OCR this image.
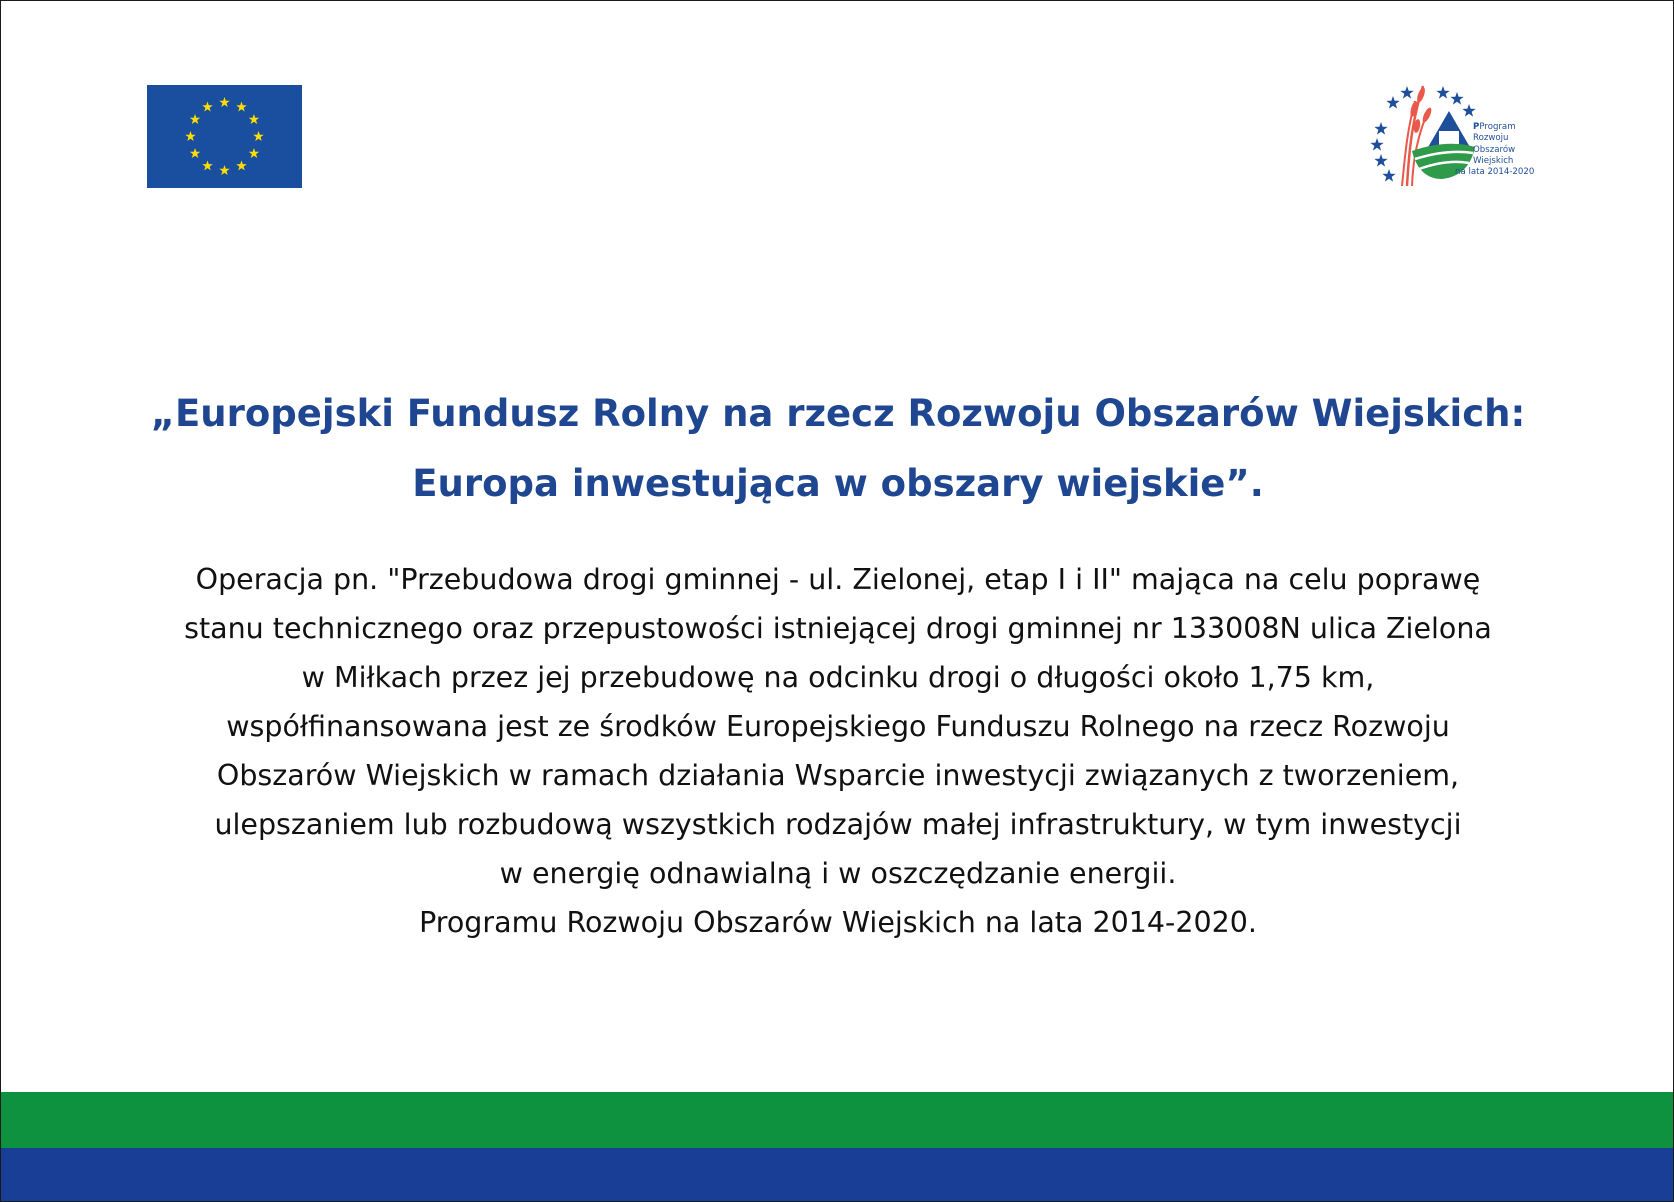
PProgram
Rozwoju
Obszarów
Wiejskich
na lata 2014-2020
„Europejski Fundusz Rolny na rzecz Rozwoju Obszarów Wiejskich:
Europa inwestująca w obszary wiejskie”.
Operacja pn. "Przebudowa drogi gminnej - ul. Zielonej, etap I i II" mająca na celu poprawę
stanu technicznego oraz przepustowości istniejącej drogi gminnej nr 133008N ulica Zielona
w Miłkach przez jej przebudowę na odcinku drogi o długości około 1,75 km,
współfinansowana jest ze środków Europejskiego Funduszu Rolnego na rzecz Rozwoju
Obszarów Wiejskich w ramach działania Wsparcie inwestycji związanych z tworzeniem,
ulepszaniem lub rozbudową wszystkich rodzajów małej infrastruktury, w tym inwestycji
w energię odnawialną i w oszczędzanie energii.
Programu Rozwoju Obszarów Wiejskich na lata 2014-2020.
